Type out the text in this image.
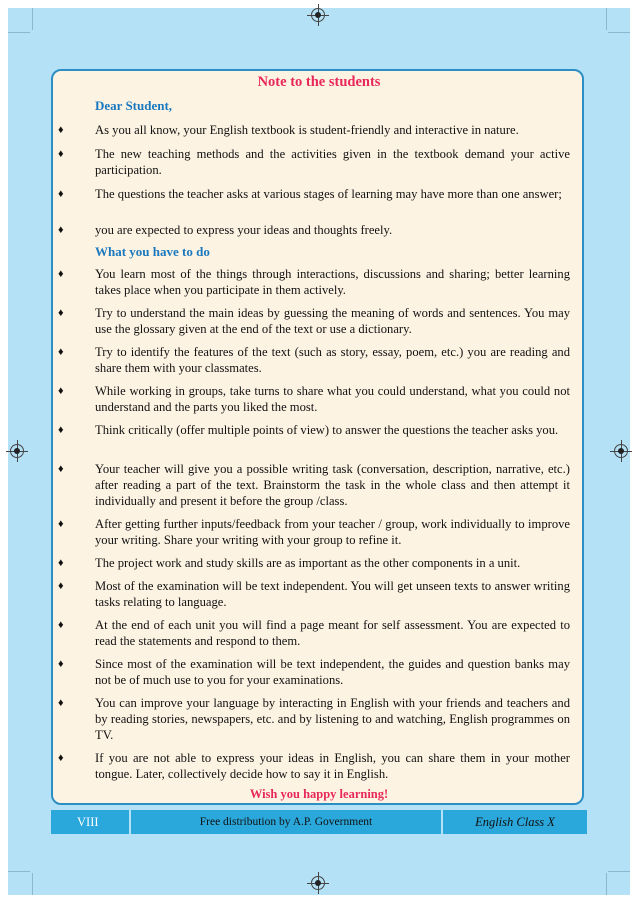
Note to the students
Dear Student,
♦ As you all know, your English textbook is student-friendly and interactive in nature.
♦ The new teaching methods and the activities given in the textbook demand your active participation.
♦ The questions the teacher asks at various stages of learning may have more than one answer;
♦ you are expected to express your ideas and thoughts freely.
What you have to do
♦ You learn most of the things through interactions, discussions and sharing; better learning takes place when you participate in them actively.
♦ Try to understand the main ideas by guessing the meaning of words and sentences. You may use the glossary given at the end of the text or use a dictionary.
♦ Try to identify the features of the text (such as story, essay, poem, etc.) you are reading and share them with your classmates.
♦ While working in groups, take turns to share what you could understand, what you could not understand and the parts you liked the most.
♦ Think critically (offer multiple points of view) to answer the questions the teacher asks you.
♦ Your teacher will give you a possible writing task (conversation, description, narrative, etc.) after reading a part of the text. Brainstorm the task in the whole class and then attempt it individually and present it before the group /class.
♦ After getting further inputs/feedback from your teacher / group, work individually to improve your writing. Share your writing with your group to refine it.
♦ The project work and study skills are as important as the other components in a unit.
♦ Most of the examination will be text independent. You will get unseen texts to answer writing tasks relating to language.
♦ At the end of each unit you will find a page meant for self assessment. You are expected to read the statements and respond to them.
♦ Since most of the examination will be text independent, the guides and question banks may not be of much use to you for your examinations.
♦ You can improve your language by interacting in English with your friends and teachers and by reading stories, newspapers, etc. and by listening to and watching, English programmes on TV.
♦ If you are not able to express your ideas in English, you can share them in your mother tongue. Later, collectively decide how to say it in English.
Wish you happy learning!
VIII	Free distribution by A.P. Government	English Class X
